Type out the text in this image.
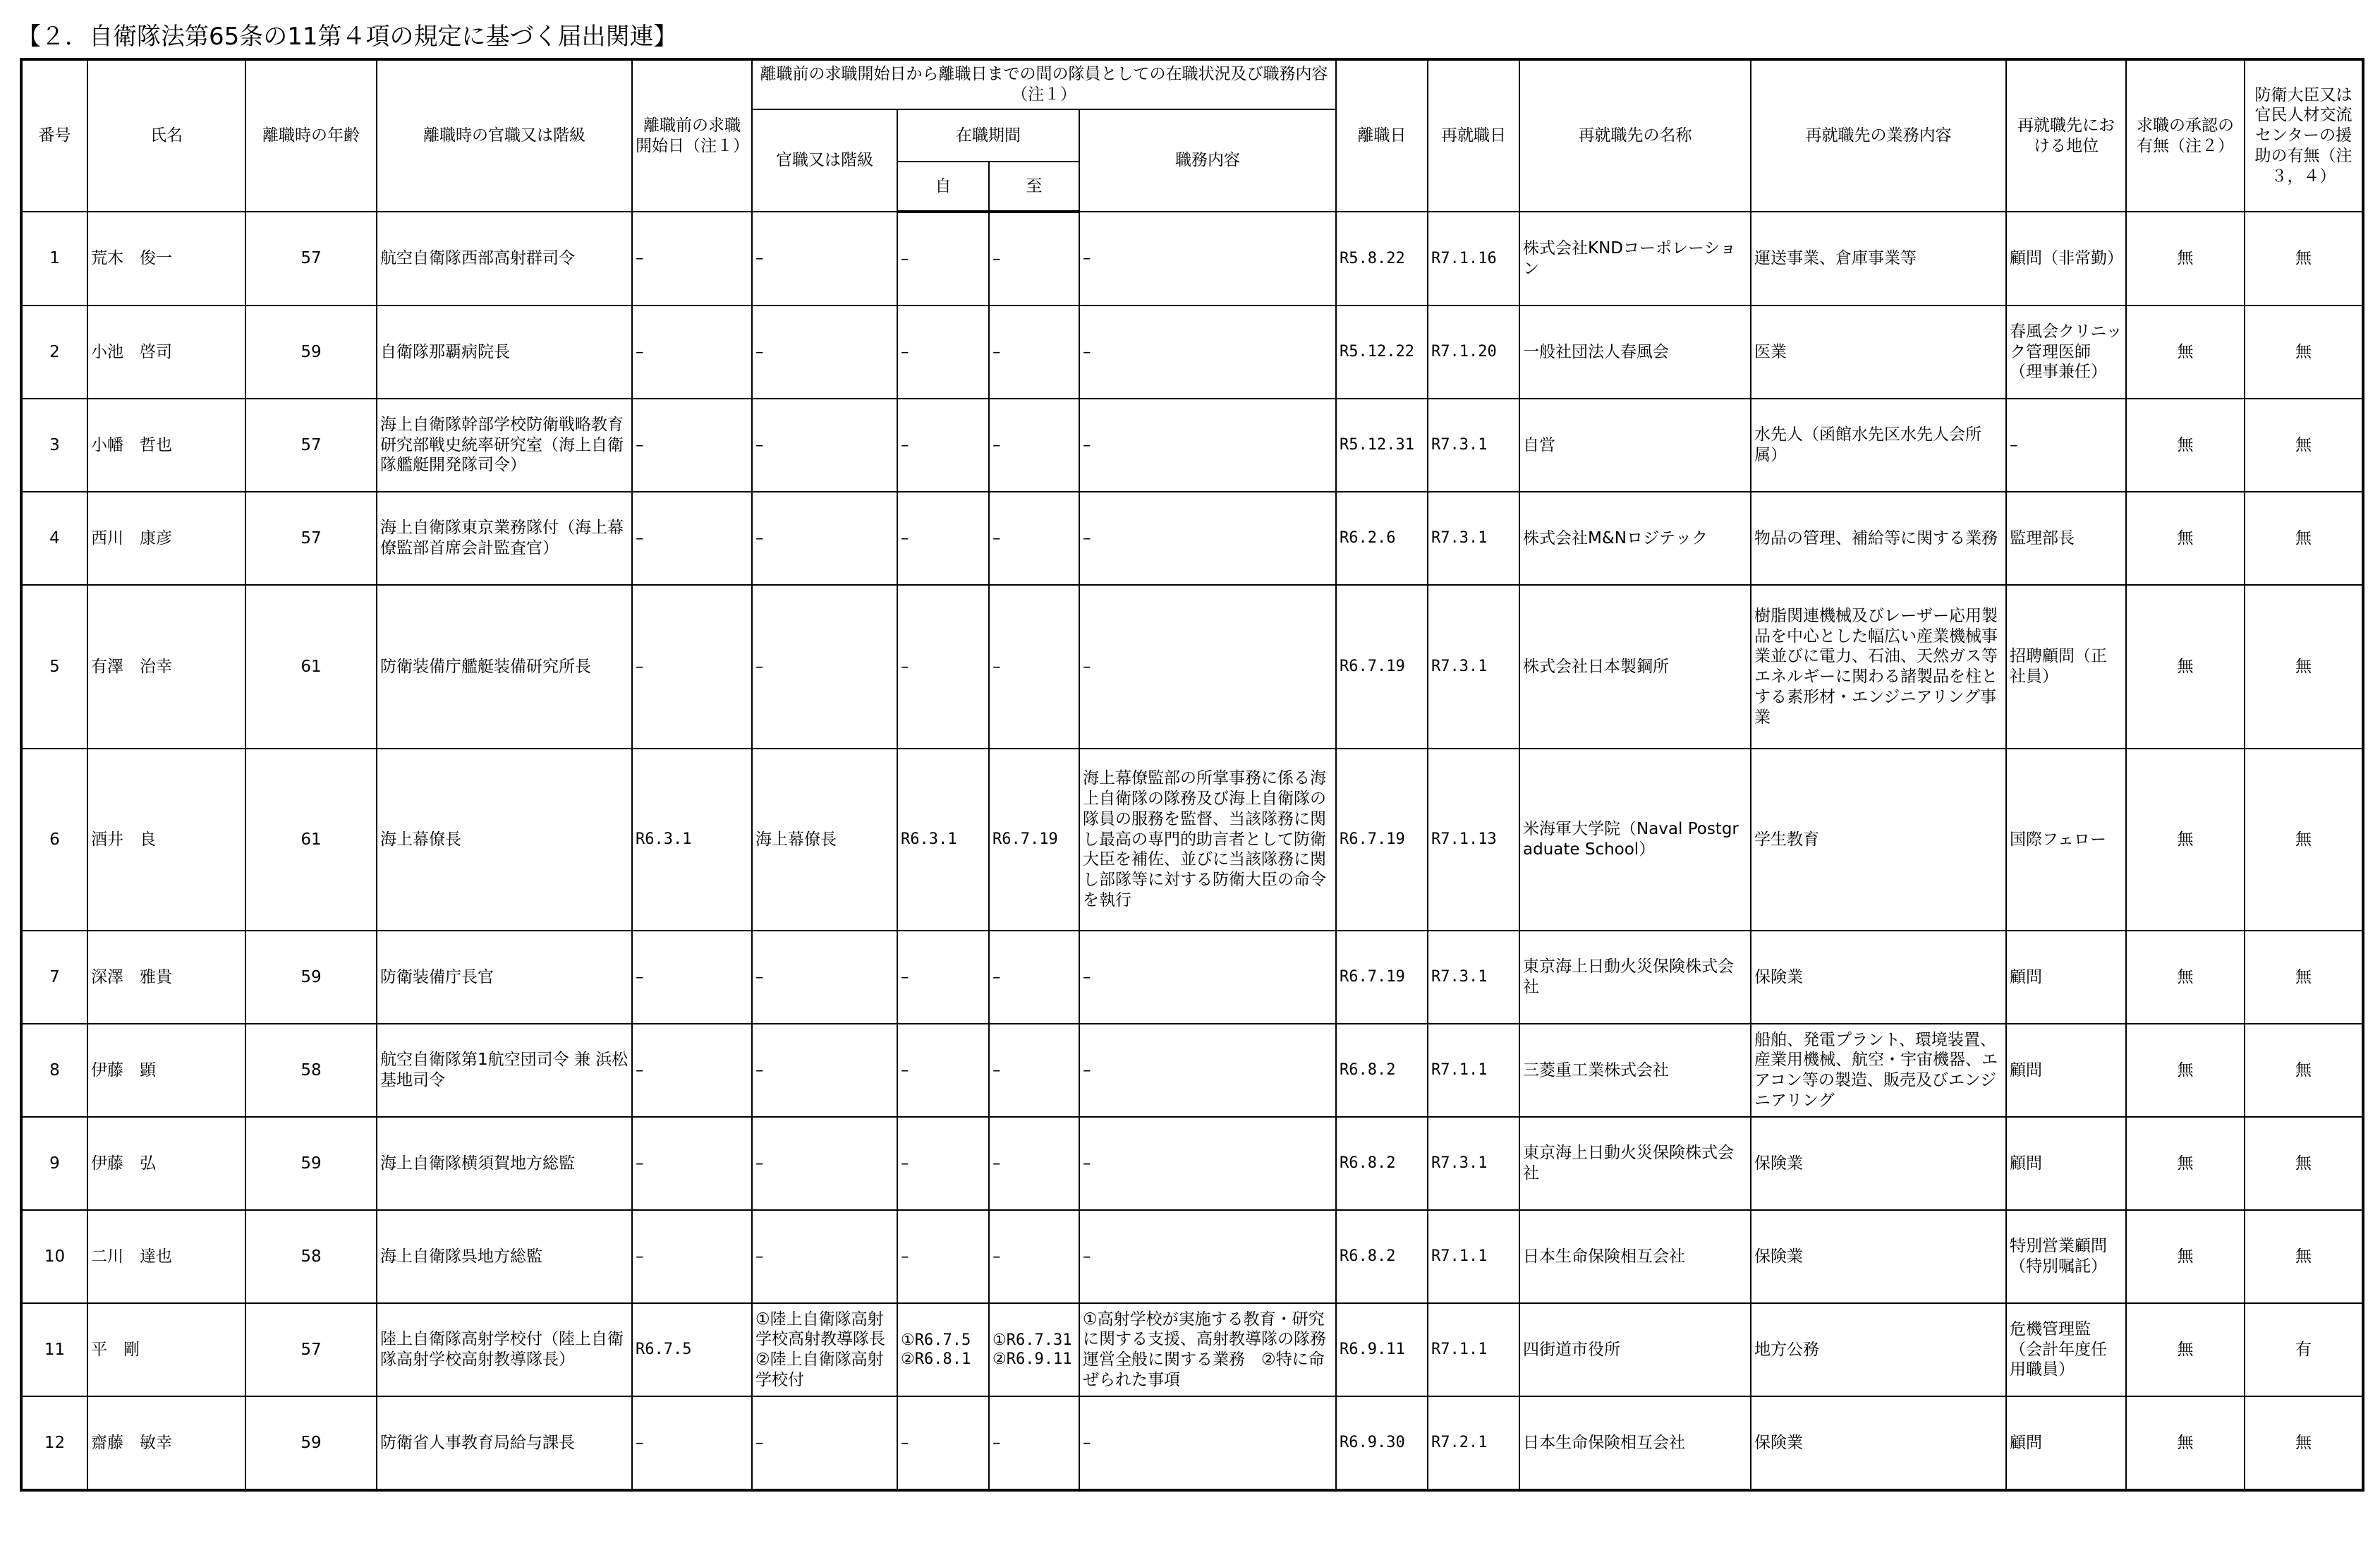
【２．自衛隊法第65条の11第４項の規定に基づく届出関連】
番号	氏名	離職時の年齢	離職時の官職又は階級	離職前の求職開始日（注１）	離職前の求職開始日から離職日までの間の隊員としての在職状況及び職務内容（注１）				離職日	再就職日	再就職先の名称	再就職先の業務内容	再就職先における地位	求職の承認の有無（注２）	防衛大臣又は官民人材交流センターの援助の有無（注３，４）
					官職又は階級	在職期間		職務内容							
						自	至								
1	荒木　俊一	57	航空自衛隊西部高射群司令	–	–	–	–	–	R5.8.22	R7.1.16	株式会社KNDコーポレーション	運送事業、倉庫事業等	顧問（非常勤）	無	無
2	小池　啓司	59	自衛隊那覇病院長	–	–	–	–	–	R5.12.22	R7.1.20	一般社団法人春風会	医業	春風会クリニック管理医師（理事兼任）	無	無
3	小幡　哲也	57	海上自衛隊幹部学校防衛戦略教育研究部戦史統率研究室（海上自衛隊艦艇開発隊司令）	–	–	–	–	–	R5.12.31	R7.3.1	自営	水先人（函館水先区水先人会所属）	–	無	無
4	西川　康彦	57	海上自衛隊東京業務隊付（海上幕僚監部首席会計監査官）	–	–	–	–	–	R6.2.6	R7.3.1	株式会社M&Nロジテック	物品の管理、補給等に関する業務	監理部長	無	無
5	有澤　治幸	61	防衛装備庁艦艇装備研究所長	–	–	–	–	–	R6.7.19	R7.3.1	株式会社日本製鋼所	樹脂関連機械及びレーザー応用製品を中心とした幅広い産業機械事業並びに電力、石油、天然ガス等エネルギーに関わる諸製品を柱とする素形材・エンジニアリング事業	招聘顧問（正社員）	無	無
6	酒井　良	61	海上幕僚長	R6.3.1	海上幕僚長	R6.3.1	R6.7.19	海上幕僚監部の所掌事務に係る海上自衛隊の隊務及び海上自衛隊の隊員の服務を監督、当該隊務に関し最高の専門的助言者として防衛大臣を補佐、並びに当該隊務に関し部隊等に対する防衛大臣の命令を執行	R6.7.19	R7.1.13	米海軍大学院（Naval Postgraduate School）	学生教育	国際フェロー	無	無
7	深澤　雅貴	59	防衛装備庁長官	–	–	–	–	–	R6.7.19	R7.3.1	東京海上日動火災保険株式会社	保険業	顧問	無	無
8	伊藤　顕	58	航空自衛隊第1航空団司令 兼 浜松基地司令	–	–	–	–	–	R6.8.2	R7.1.1	三菱重工業株式会社	船舶、発電プラント、環境装置、産業用機械、航空・宇宙機器、エアコン等の製造、販売及びエンジニアリング	顧問	無	無
9	伊藤　弘	59	海上自衛隊横須賀地方総監	–	–	–	–	–	R6.8.2	R7.3.1	東京海上日動火災保険株式会社	保険業	顧問	無	無
10	二川　達也	58	海上自衛隊呉地方総監	–	–	–	–	–	R6.8.2	R7.1.1	日本生命保険相互会社	保険業	特別営業顧問（特別嘱託）	無	無
11	平　剛	57	陸上自衛隊高射学校付（陸上自衛隊高射学校高射教導隊長）	R6.7.5	①陸上自衛隊高射学校高射教導隊長　②陸上自衛隊高射学校付	①R6.7.5 ②R6.8.1	①R6.7.31 ②R6.9.11	①高射学校が実施する教育・研究に関する支援、高射教導隊の隊務運営全般に関する業務　②特に命ぜられた事項	R6.9.11	R7.1.1	四街道市役所	地方公務	危機管理監（会計年度任用職員）	無	有
12	齋藤　敏幸	59	防衛省人事教育局給与課長	–	–	–	–	–	R6.9.30	R7.2.1	日本生命保険相互会社	保険業	顧問	無	無
